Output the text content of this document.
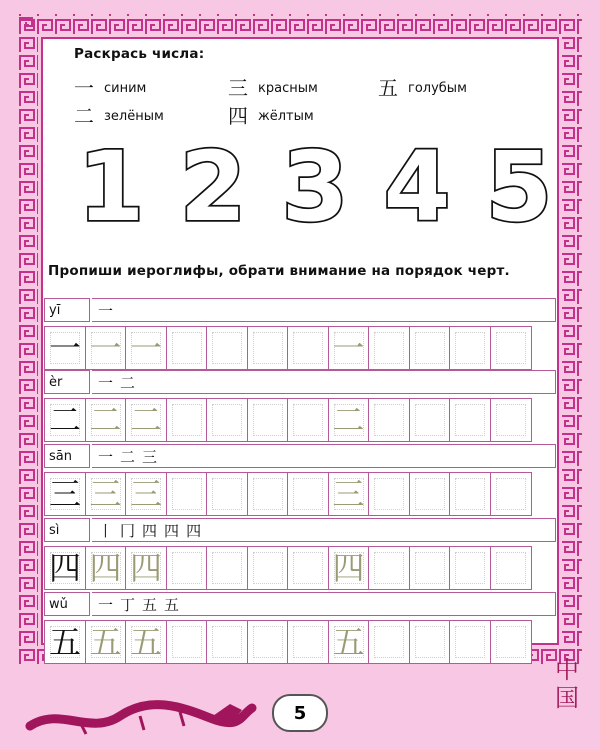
Раскрась числа:
一 синим
二 зелёным
三 красным
四 жёлтым
五 голубым
1 2 3 4 5
Пропиши иероглифы, обрати внимание на порядок черт.
yī	一
一 一 一	一
èr	一 二
二 二 二	二
sān	一 二 三
三 三 三	三
sì	丨 冂 四 四 四
四 四 四	四
wǔ	一 丁 五 五
五 五 五	五
5
中
国
